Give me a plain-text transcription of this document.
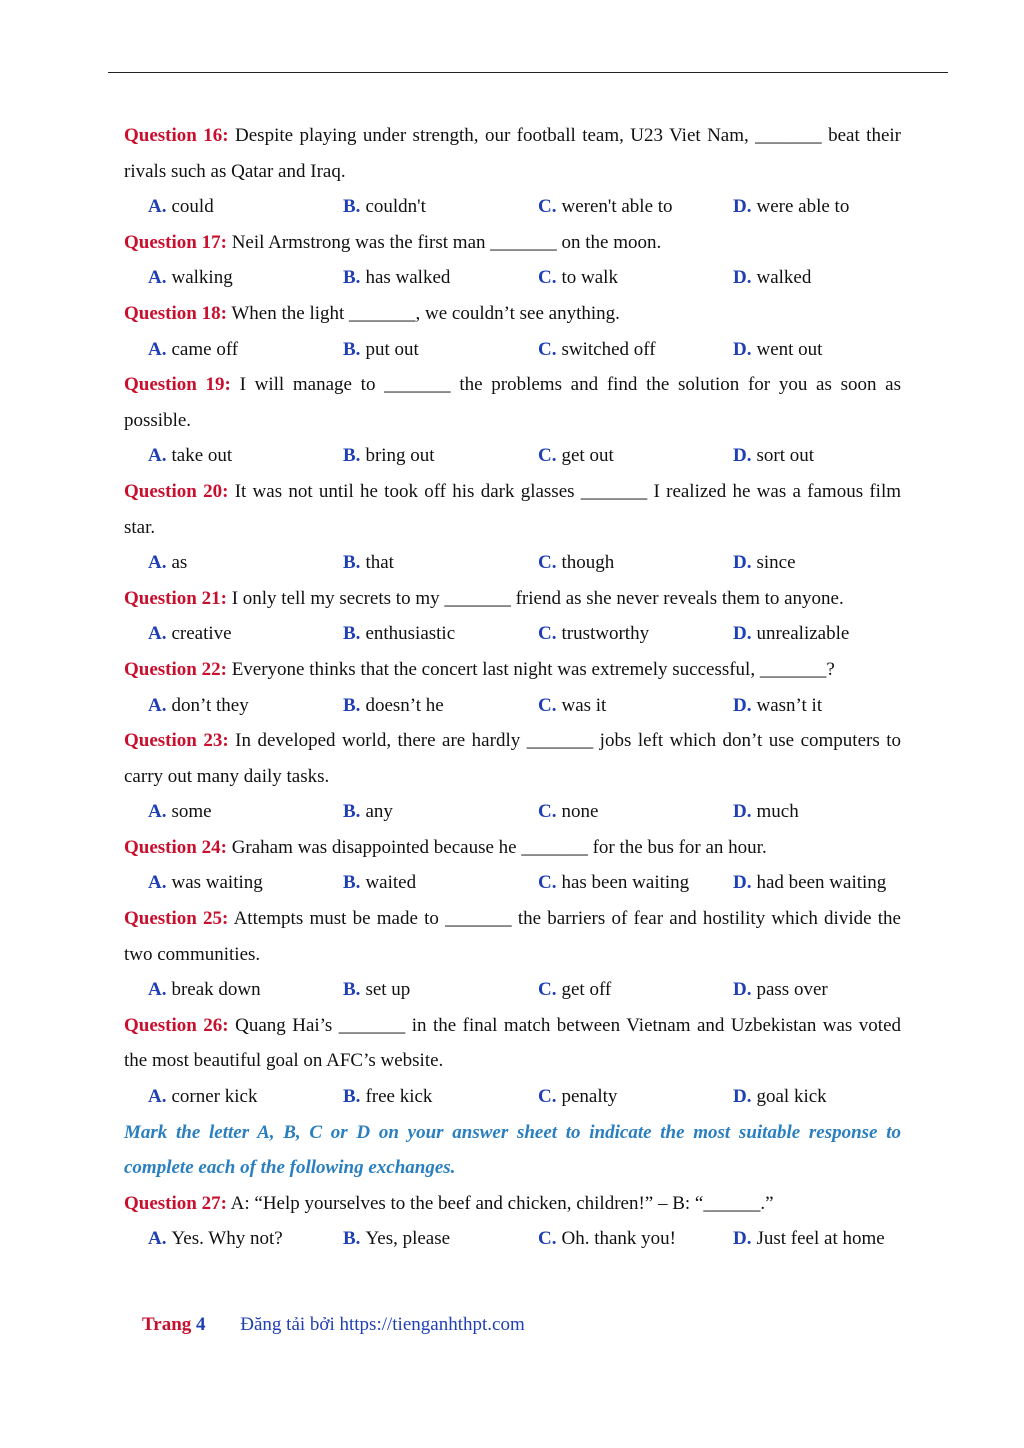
Question 16: Despite playing under strength, our football team, U23 Viet Nam, _______ beat their rivals such as Qatar and Iraq.
A. could	B. couldn't	C. weren't able to	D. were able to
Question 17: Neil Armstrong was the first man _______ on the moon.
A. walking	B. has walked	C. to walk	D. walked
Question 18: When the light _______, we couldn’t see anything.
A. came off	B. put out	C. switched off	D. went out
Question 19: I will manage to _______ the problems and find the solution for you as soon as possible.
A. take out	B. bring out	C. get out	D. sort out
Question 20: It was not until he took off his dark glasses _______ I realized he was a famous film star.
A. as	B. that	C. though	D. since
Question 21: I only tell my secrets to my _______ friend as she never reveals them to anyone.
A. creative	B. enthusiastic	C. trustworthy	D. unrealizable
Question 22: Everyone thinks that the concert last night was extremely successful, _______?
A. don’t they	B. doesn’t he	C. was it	D. wasn’t it
Question 23: In developed world, there are hardly _______ jobs left which don’t use computers to carry out many daily tasks.
A. some	B. any	C. none	D. much
Question 24: Graham was disappointed because he _______ for the bus for an hour.
A. was waiting	B. waited	C. has been waiting	D. had been waiting
Question 25: Attempts must be made to _______ the barriers of fear and hostility which divide the two communities.
A. break down	B. set up	C. get off	D. pass over
Question 26: Quang Hai’s _______ in the final match between Vietnam and Uzbekistan was voted the most beautiful goal on AFC’s website.
A. corner kick	B. free kick	C. penalty	D. goal kick
Mark the letter A, B, C or D on your answer sheet to indicate the most suitable response to complete each of the following exchanges.
Question 27: A: “Help yourselves to the beef and chicken, children!” – B: “______.”
A. Yes. Why not?	B. Yes, please	C. Oh. thank you!	D. Just feel at home
Trang 4 Đăng tải bởi https://tienganhthpt.com
